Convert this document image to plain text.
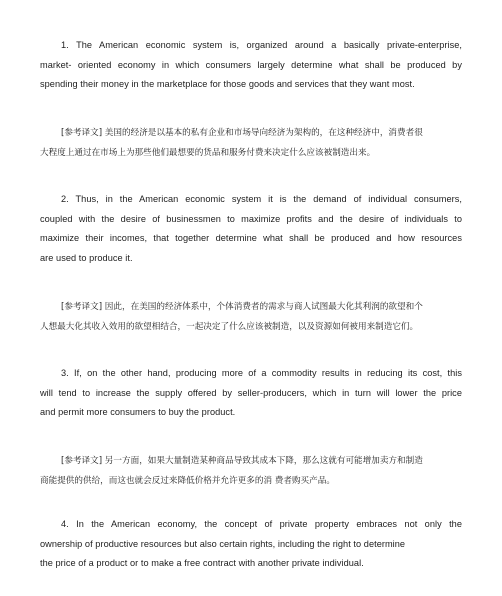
1. The American economic system is, organized around a basically private-enterprise,
market- oriented economy in which consumers largely determine what shall be produced by
spending their money in the marketplace for those goods and services that they want most.
[参考译文] 美国的经济是以基本的私有企业和市场导向经济为架构的，在这种经济中，消费者很
大程度上通过在市场上为那些他们最想要的货品和服务付费来决定什么应该被制造出来。
2. Thus, in the American economic system it is the demand of individual consumers,
coupled with the desire of businessmen to maximize profits and the desire of individuals to
maximize their incomes, that together determine what shall be produced and how resources
are used to produce it.
[参考译文] 因此，在美国的经济体系中，个体消费者的需求与商人试图最大化其利润的欲望和个
人想最大化其收入效用的欲望相结合，一起决定了什么应该被制造，以及资源如何被用来制造它们。
3. If, on the other hand, producing more of a commodity results in reducing its cost, this
will tend to increase the supply offered by seller-producers, which in turn will lower the price
and permit more consumers to buy the product.
[参考译文] 另一方面，如果大量制造某种商品导致其成本下降，那么这就有可能增加卖方和制造
商能提供的供给，而这也就会反过来降低价格并允许更多的消 费者购买产品。
4. In the American economy, the concept of private property embraces not only the
ownership of productive resources but also certain rights, including the right to determine
the price of a product or to make a free contract with another private individual.
